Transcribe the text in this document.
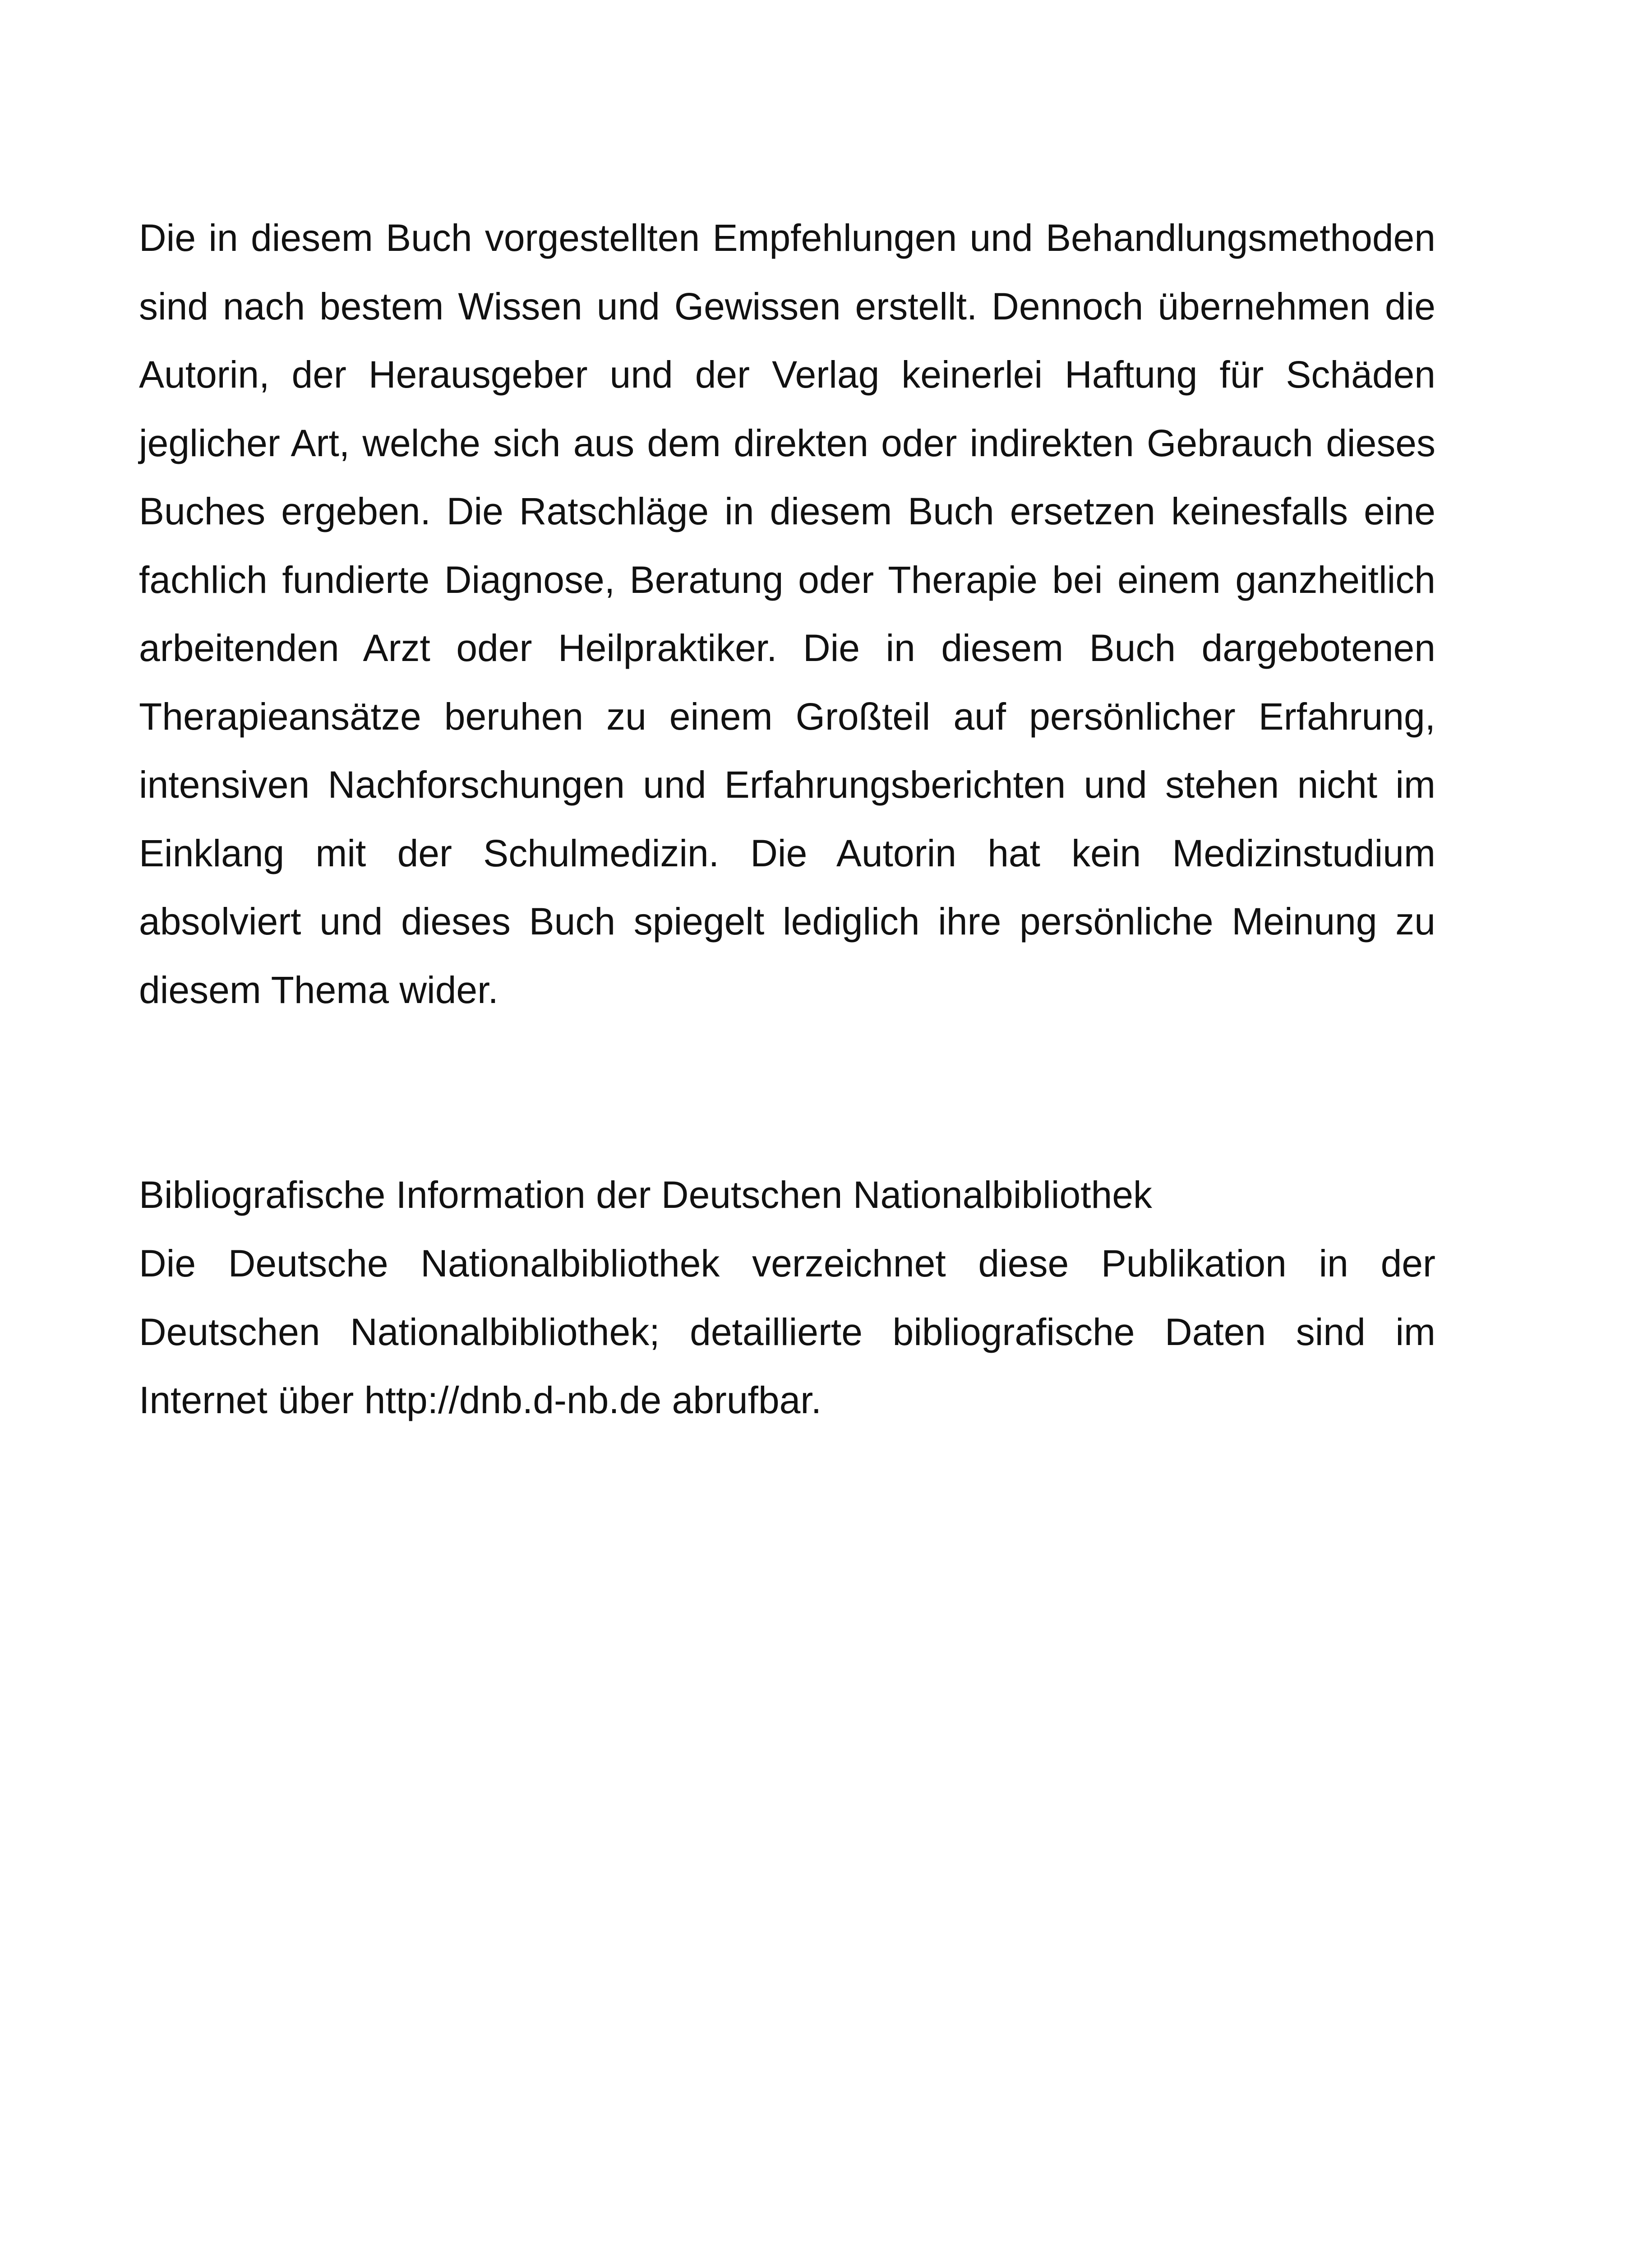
Die in diesem Buch vorgestellten Empfehlungen und Behandlungsmethoden sind nach bestem Wissen und Gewissen erstellt. Dennoch übernehmen die Autorin, der Herausgeber und der Verlag keinerlei Haftung für Schäden jeglicher Art, welche sich aus dem direkten oder indirekten Gebrauch dieses Buches ergeben. Die Ratschläge in diesem Buch ersetzen keinesfalls eine fachlich fundierte Diagnose, Beratung oder Therapie bei einem ganzheitlich arbeitenden Arzt oder Heilpraktiker. Die in diesem Buch dargebotenen Therapieansätze beruhen zu einem Großteil auf persönlicher Erfahrung, intensiven Nachforschungen und Erfahrungsberichten und stehen nicht im Einklang mit der Schulmedizin. Die Autorin hat kein Medizinstudium absolviert und dieses Buch spiegelt lediglich ihre persönliche Meinung zu diesem Thema wider.

Bibliografische Information der Deutschen Nationalbibliothek

Die Deutsche Nationalbibliothek verzeichnet diese Publikation in der Deutschen Nationalbibliothek; detaillierte bibliografische Daten sind im Internet über http://dnb.d-nb.de abrufbar.
